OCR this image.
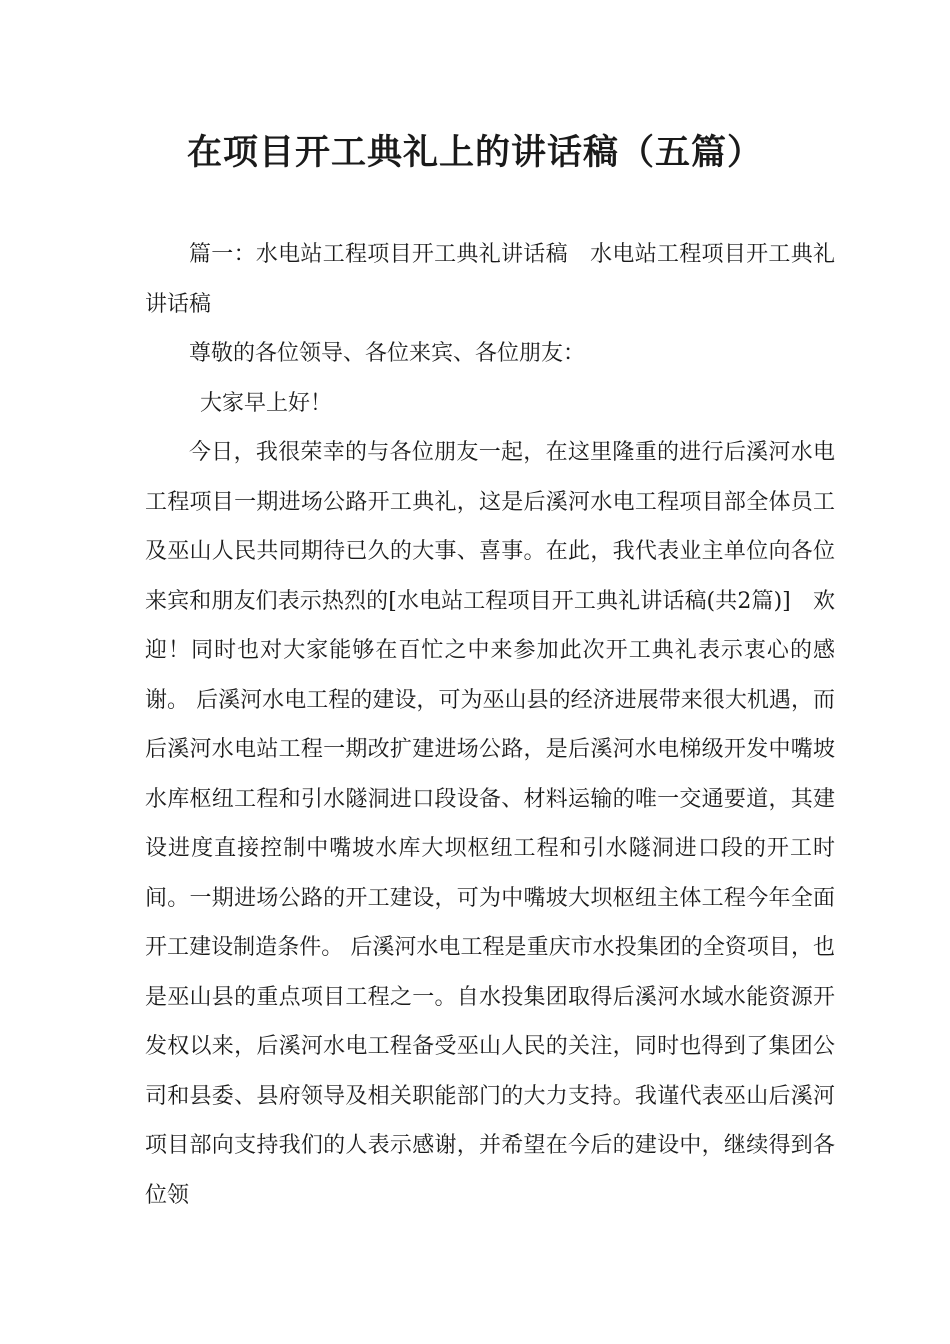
在项目开工典礼上的讲话稿（五篇）

篇一：水电站工程项目开工典礼讲话稿　水电站工程项目开工典礼讲话稿

尊敬的各位领导、各位来宾、各位朋友：

大家早上好！

今日，我很荣幸的与各位朋友一起，在这里隆重的进行后溪河水电工程项目一期进场公路开工典礼，这是后溪河水电工程项目部全体员工及巫山人民共同期待已久的大事、喜事。在此，我代表业主单位向各位来宾和朋友们表示热烈的[水电站工程项目开工典礼讲话稿(共2篇)]　欢迎！同时也对大家能够在百忙之中来参加此次开工典礼表示衷心的感谢。 后溪河水电工程的建设，可为巫山县的经济进展带来很大机遇，而后溪河水电站工程一期改扩建进场公路，是后溪河水电梯级开发中嘴坡水库枢纽工程和引水隧洞进口段设备、材料运输的唯一交通要道，其建设进度直接控制中嘴坡水库大坝枢纽工程和引水隧洞进口段的开工时间。一期进场公路的开工建设，可为中嘴坡大坝枢纽主体工程今年全面开工建设制造条件。 后溪河水电工程是重庆市水投集团的全资项目，也是巫山县的重点项目工程之一。自水投集团取得后溪河水域水能资源开发权以来，后溪河水电工程备受巫山人民的关注，同时也得到了集团公司和县委、县府领导及相关职能部门的大力支持。我谨代表巫山后溪河项目部向支持我们的人表示感谢，并希望在今后的建设中，继续得到各位领
